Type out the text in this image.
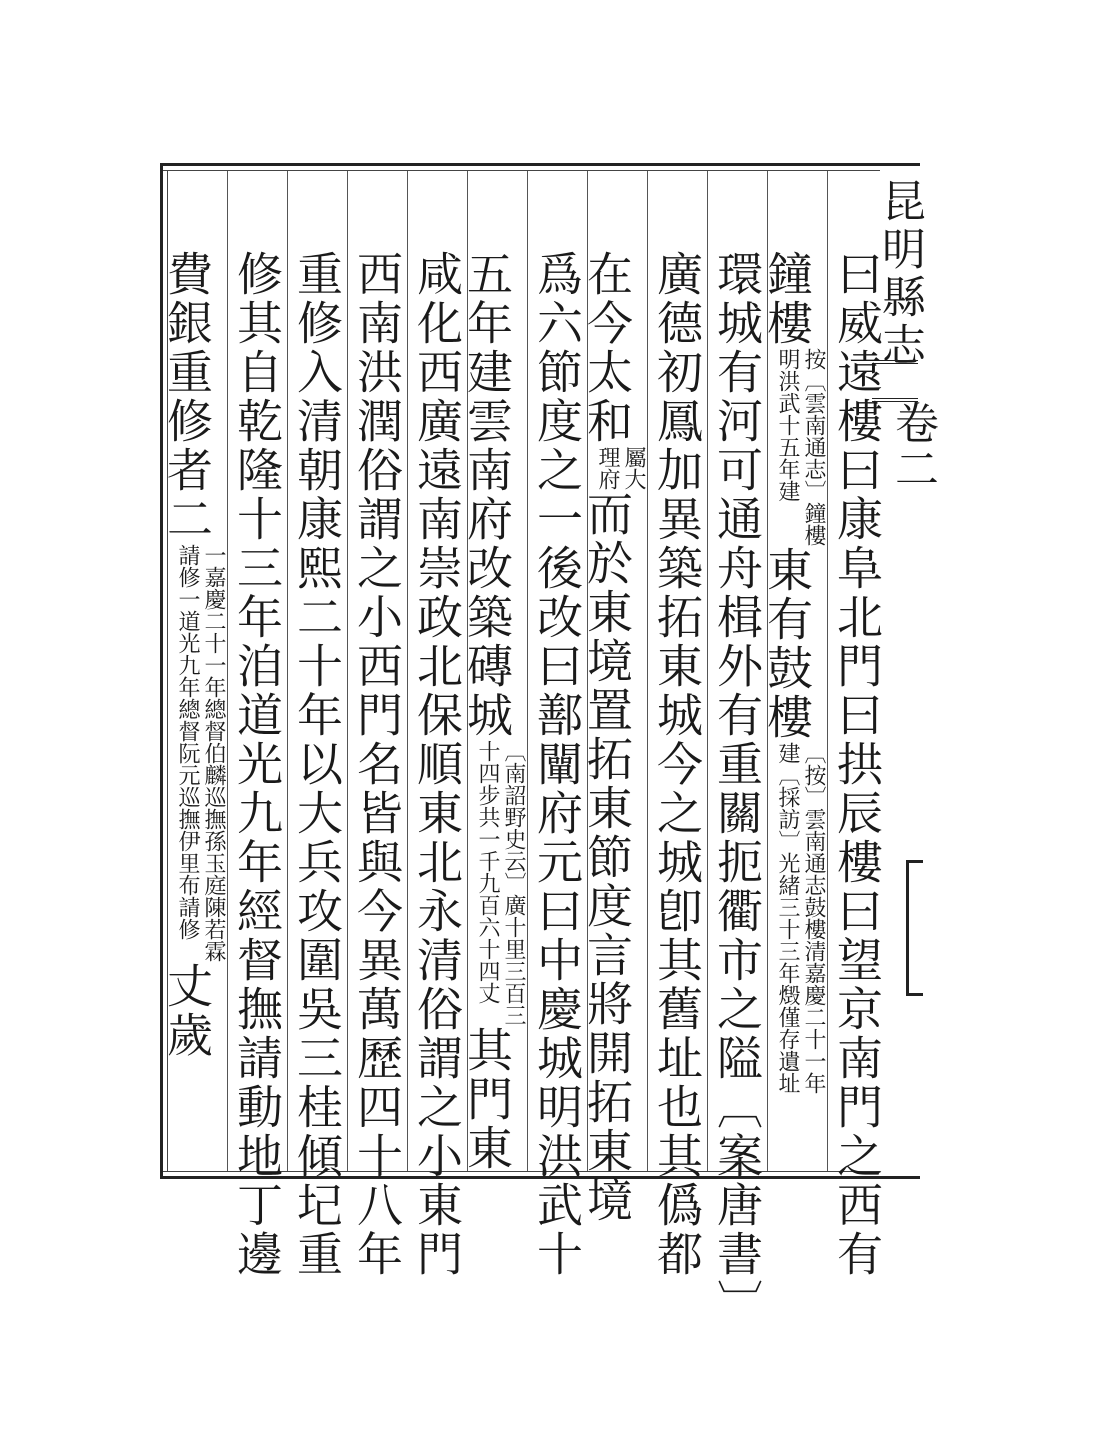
昆明縣志
卷二
曰威遠樓曰康阜北門曰拱辰樓曰望京南門之西有
鐘樓按〔雲南通志〕鐘樓
明洪武十五年建東有鼓樓〔按〕雲南通志鼓樓清嘉慶二十一年
建〔採訪〕光緒三十三年燬僅存遺址
環城有河可通舟楫外有重關扼衢市之隘〔案唐書〕
廣德初鳳加異築拓東城今之城卽其舊址也其僞都
在今太和屬大
理府而於東境置拓東節度言將開拓東境
爲六節度之一後改曰鄯闡府元曰中慶城明洪武十
五年建雲南府改築磚城〔南詔野史云〕廣十里三百三
十四步共一千九百六十四丈其門東
咸化西廣遠南崇政北保順東北永清俗謂之小東門
西南洪潤俗謂之小西門名皆與今異萬歷四十八年
重修入清朝康熙二十年以大兵攻圍吳三桂傾圮重
修其自乾隆十三年洎道光九年經督撫請動地丁邊
費銀重修者二一嘉慶二十一年總督伯麟巡撫孫玉庭陳若霖
請修一道光九年總督阮元巡撫伊里布請修丈歲
